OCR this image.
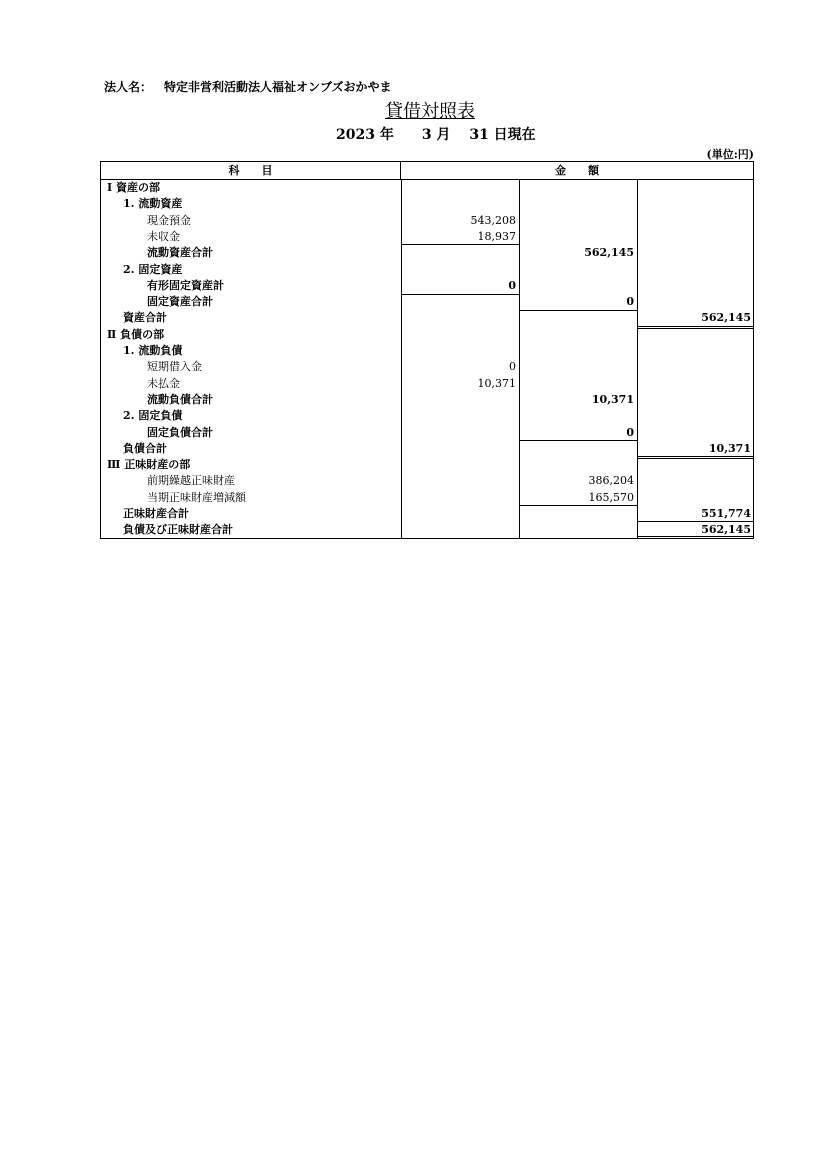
法人名： 特定非営利活動法人福祉オンブズおかやま
貸借対照表
2023 年　　3 月　 31 日現在
(単位:円)
科　　目	金　　額
Ⅰ 資産の部
1. 流動資産
現金預金	543,208
未収金	18,937
流動資産合計	562,145
2. 固定資産
有形固定資産計	0
固定資産合計	0
資産合計	562,145
Ⅱ 負債の部
1. 流動負債
短期借入金	0
未払金	10,371
流動負債合計	10,371
2. 固定負債
固定負債合計	0
負債合計	10,371
Ⅲ 正味財産の部
前期繰越正味財産	386,204
当期正味財産増減額	165,570
正味財産合計	551,774
負債及び正味財産合計	562,145
